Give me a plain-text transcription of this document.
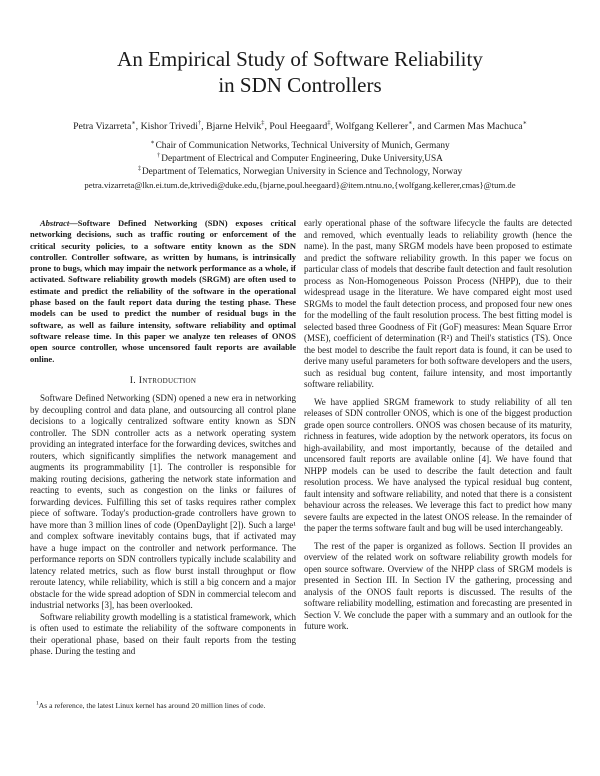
An Empirical Study of Software Reliability
in SDN Controllers
Petra Vizarreta∗, Kishor Trivedi†, Bjarne Helvik‡, Poul Heegaard‡, Wolfgang Kellerer∗, and Carmen Mas Machuca∗
∗Chair of Communication Networks, Technical University of Munich, Germany
†Department of Electrical and Computer Engineering, Duke University,USA
‡Department of Telematics, Norwegian University in Science and Technology, Norway
petra.vizarreta@lkn.ei.tum.de,ktrivedi@duke.edu,{bjarne,poul.heegaard}@item.ntnu.no,{wolfgang.kellerer,cmas}@tum.de

Abstract—Software Defined Networking (SDN) exposes critical networking decisions, such as traffic routing or enforcement of the critical security policies, to a software entity known as the SDN controller. Controller software, as written by humans, is intrinsically prone to bugs, which may impair the network performance as a whole, if activated. Software reliability growth models (SRGM) are often used to estimate and predict the reliability of the software in the operational phase based on the fault report data during the testing phase. These models can be used to predict the number of residual bugs in the software, as well as failure intensity, software reliability and optimal software release time. In this paper we analyze ten releases of ONOS open source controller, whose uncensored fault reports are available online.

I. Introduction

Software Defined Networking (SDN) opened a new era in networking by decoupling control and data plane, and outsourcing all control plane decisions to a logically centralized software entity known as SDN controller. The SDN controller acts as a network operating system providing an integrated interface for the forwarding devices, switches and routers, which significantly simplifies the network management and augments its programmability [1]. The controller is responsible for making routing decisions, gathering the network state information and reacting to events, such as congestion on the links or failures of forwarding devices. Fulfilling this set of tasks requires rather complex piece of software. Today's production-grade controllers have grown to have more than 3 million lines of code (OpenDaylight [2]). Such a large¹ and complex software inevitably contains bugs, that if activated may have a huge impact on the controller and network performance. The performance reports on SDN controllers typically include scalability and latency related metrics, such as flow burst install throughput or flow reroute latency, while reliability, which is still a big concern and a major obstacle for the wide spread adoption of SDN in commercial telecom and industrial networks [3], has been overlooked.

Software reliability growth modelling is a statistical framework, which is often used to estimate the reliability of the software components in their operational phase, based on their fault reports from the testing phase. During the testing and

$^1$As a reference, the latest Linux kernel has around 20 million lines of code.

early operational phase of the software lifecycle the faults are detected and removed, which eventually leads to reliability growth (hence the name). In the past, many SRGM models have been proposed to estimate and predict the software reliability growth. In this paper we focus on particular class of models that describe fault detection and fault resolution process as Non-Homogeneous Poisson Process (NHPP), due to their widespread usage in the literature. We have compared eight most used SRGMs to model the fault detection process, and proposed four new ones for the modelling of the fault resolution process. The best fitting model is selected based three Goodness of Fit (GoF) measures: Mean Square Error (MSE), coefficient of determination (R²) and Theil's statistics (TS). Once the best model to describe the fault report data is found, it can be used to derive many useful parameters for both software developers and the users, such as residual bug content, failure intensity, and most importantly software reliability.

We have applied SRGM framework to study reliability of all ten releases of SDN controller ONOS, which is one of the biggest production grade open source controllers. ONOS was chosen because of its maturity, richness in features, wide adoption by the network operators, its focus on high-availability, and most importantly, because of the detailed and uncensored fault reports are available online [4]. We have found that NHPP models can be used to describe the fault detection and fault resolution process. We have analysed the typical residual bug content, fault intensity and software reliability, and noted that there is a consistent behaviour across the releases. We leverage this fact to predict how many severe faults are expected in the latest ONOS release. In the remainder of the paper the terms software fault and bug will be used interchangeably.

The rest of the paper is organized as follows. Section II provides an overview of the related work on software reliability growth models for open source software. Overview of the NHPP class of SRGM models is presented in Section III. In Section IV the gathering, processing and analysis of the ONOS fault reports is discussed. The results of the software reliability modelling, estimation and forecasting are presented in Section V. We conclude the paper with a summary and an outlook for the future work.
